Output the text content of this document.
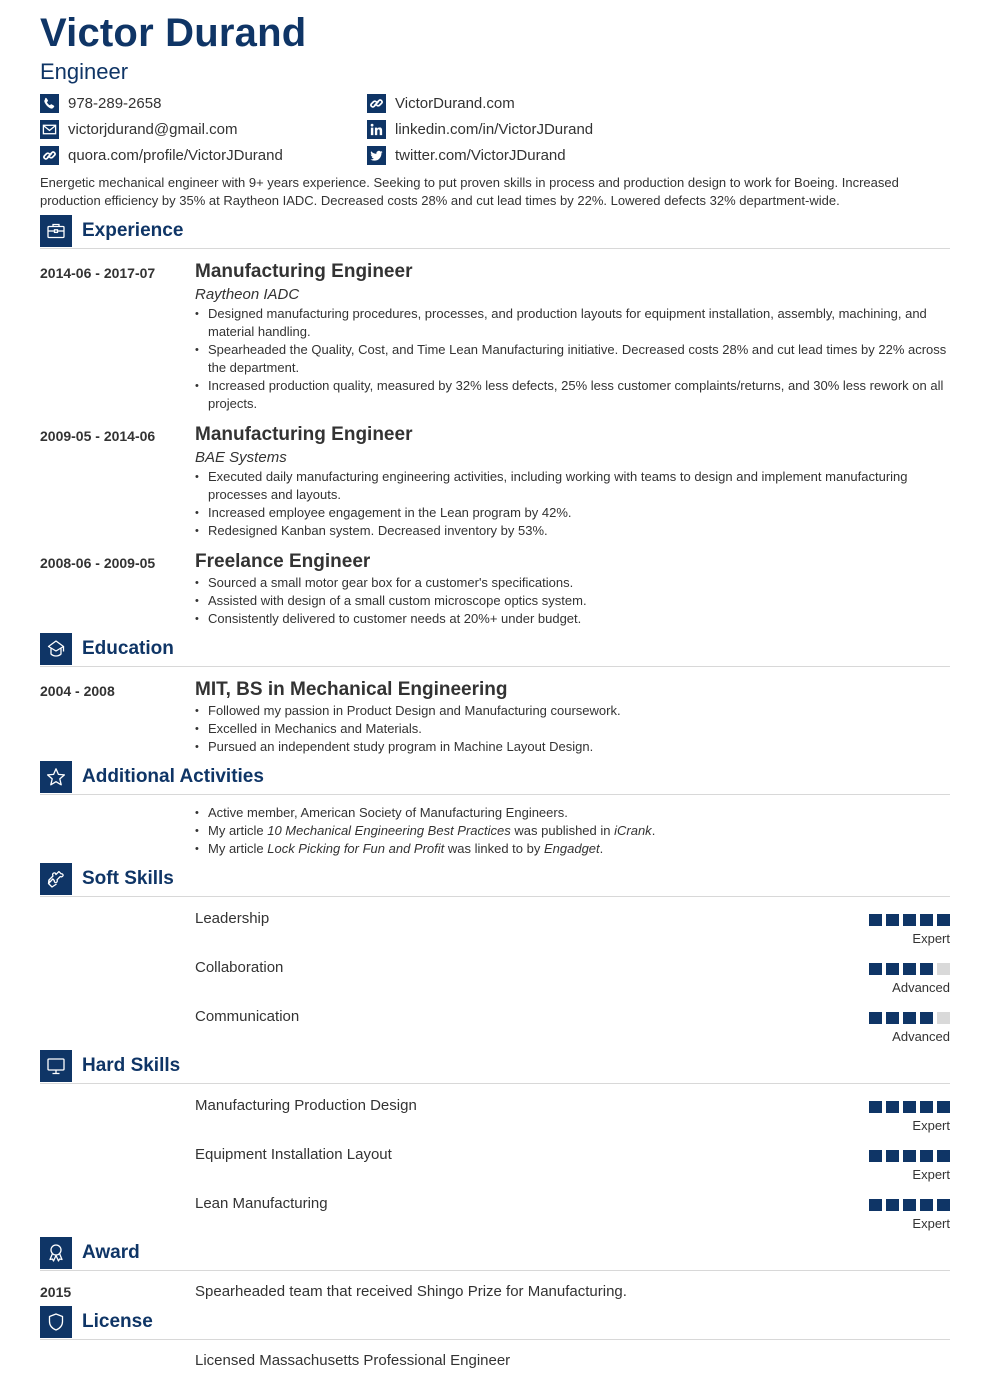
Victor Durand
Engineer
978-289-2658
victorjdurand@gmail.com
quora.com/profile/VictorJDurand
VictorDurand.com
linkedin.com/in/VictorJDurand
twitter.com/VictorJDurand
Energetic mechanical engineer with 9+ years experience. Seeking to put proven skills in process and production design to work for Boeing. Increased production efficiency by 35% at Raytheon IADC. Decreased costs 28% and cut lead times by 22%. Lowered defects 32% department-wide.
Experience
2014-06 - 2017-07 Manufacturing Engineer
Raytheon IADC
• Designed manufacturing procedures, processes, and production layouts for equipment installation, assembly, machining, and material handling.
• Spearheaded the Quality, Cost, and Time Lean Manufacturing initiative. Decreased costs 28% and cut lead times by 22% across the department.
• Increased production quality, measured by 32% less defects, 25% less customer complaints/returns, and 30% less rework on all projects.
2009-05 - 2014-06 Manufacturing Engineer
BAE Systems
• Executed daily manufacturing engineering activities, including working with teams to design and implement manufacturing processes and layouts.
• Increased employee engagement in the Lean program by 42%.
• Redesigned Kanban system. Decreased inventory by 53%.
2008-06 - 2009-05 Freelance Engineer
• Sourced a small motor gear box for a customer's specifications.
• Assisted with design of a small custom microscope optics system.
• Consistently delivered to customer needs at 20%+ under budget.
Education
2004 - 2008	MIT, BS in Mechanical Engineering
• Followed my passion in Product Design and Manufacturing coursework.
• Excelled in Mechanics and Materials.
• Pursued an independent study program in Machine Layout Design.
Additional Activities
• Active member, American Society of Manufacturing Engineers.
• My article 10 Mechanical Engineering Best Practices was published in iCrank.
• My article Lock Picking for Fun and Profit was linked to by Engadget.
Soft Skills
Leadership
Expert
Collaboration
Advanced
Communication
Advanced
Hard Skills
Manufacturing Production Design
Expert
Equipment Installation Layout
Expert
Lean Manufacturing
Expert
Award
2015	Spearheaded team that received Shingo Prize for Manufacturing.
License
Licensed Massachusetts Professional Engineer
